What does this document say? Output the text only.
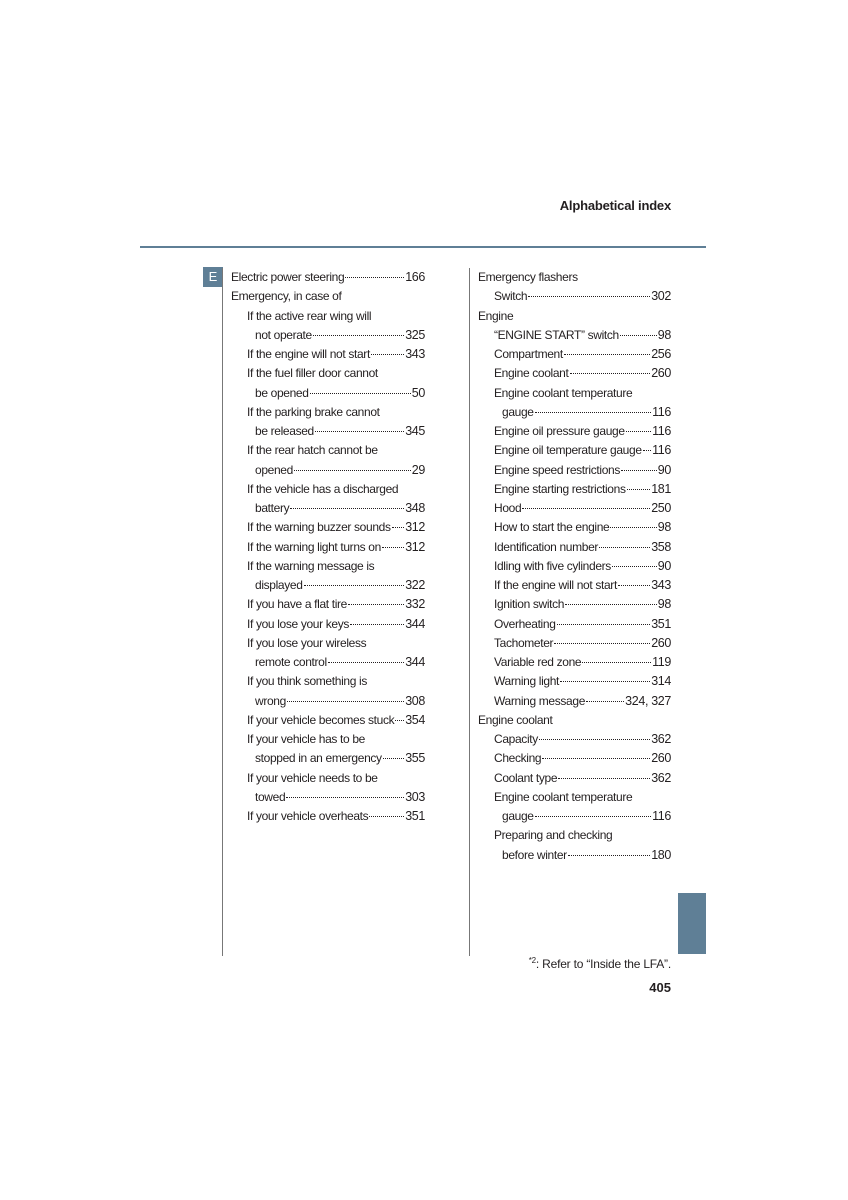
Alphabetical index
E	Electric power steering	166
Emergency, in case of
If the active rear wing will
not operate	325
If the engine will not start	343
If the fuel filler door cannot
be opened	50
If the parking brake cannot
be released	345
If the rear hatch cannot be
opened	29
If the vehicle has a discharged
battery	348
If the warning buzzer sounds 312
If the warning light turns on 312
If the warning message is
displayed	322
If you have a flat tire	332
If you lose your keys	344
If you lose your wireless
remote control	344
If you think something is
wrong	308
If your vehicle becomes stuck 354
If your vehicle has to be
stopped in an emergency 355
If your vehicle needs to be
towed	303
If your vehicle overheats	351
Emergency flashers
Switch	302
Engine
“ENGINE START” switch	98
Compartment	256
Engine coolant	260
Engine coolant temperature
gauge	116
Engine oil pressure gauge 116
Engine oil temperature gauge 116
Engine speed restrictions	90
Engine starting restrictions 181
Hood	250
How to start the engine	98
Identification number	358
Idling with five cylinders	90
If the engine will not start	343
Ignition switch	98
Overheating	351
Tachometer	260
Variable red zone	119
Warning light	314
Warning message	324, 327
Engine coolant
Capacity	362
Checking	260
Coolant type	362
Engine coolant temperature
gauge	116
Preparing and checking
before winter	180
$^{*2}$: Refer to “Inside the LFA”.
405
